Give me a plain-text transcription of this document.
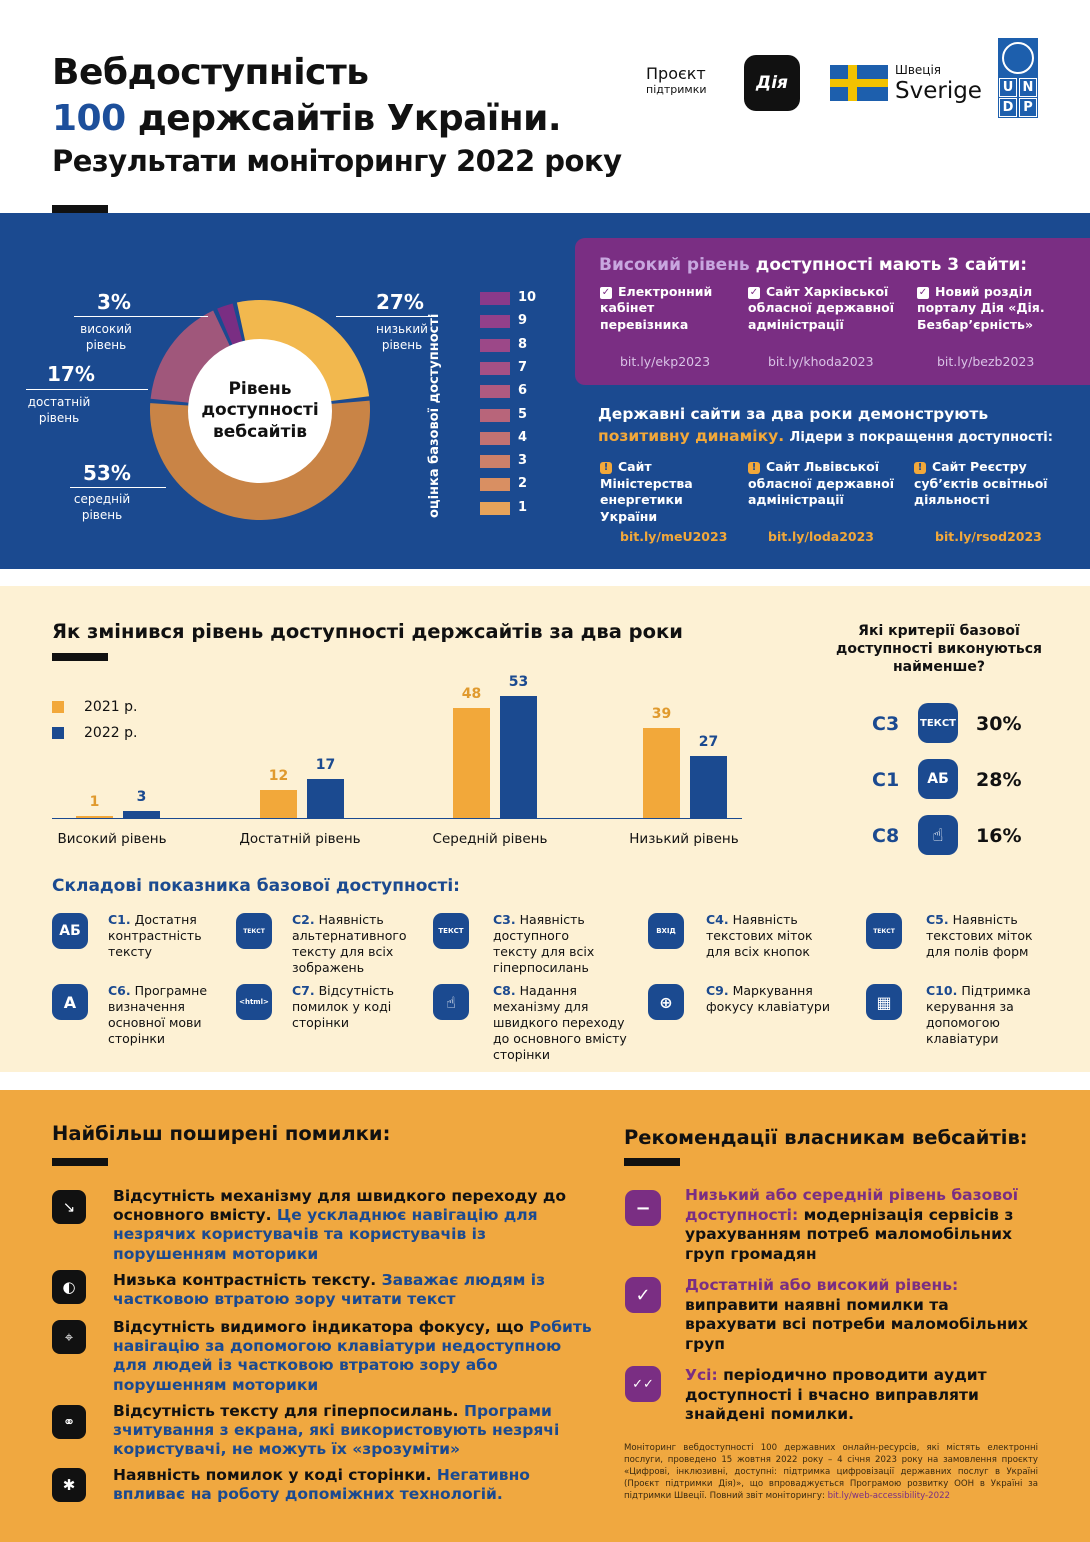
Вебдоступність
100 держсайтів України.
Результати моніторингу 2022 року
Проєкт
підтримки	Дія
Швеція
Sverige U N
D P
Рівень доступності вебсайтів
3%
високий рівень
27%
низький рівень
17%
достатній рівень
53%
середній рівень	оцінка базової доступності
10
9
8
7
6
5
4
3
2
1
Високий рівень доступності мають 3 сайти:
✓ Електронний кабінет перевізника
✓ Сайт Харківської обласної державної адміністрації
✓ Новий розділ порталу Дія «Дія. Безбар’єрність»
bit.ly/ekp2023	bit.ly/khoda2023	bit.ly/bezb2023
Державні сайти за два роки демонструють
позитивну динаміку. Лідери з покращення доступності:
! Сайт Міністерства енергетики України
! Сайт Львівської обласної державної адміністрації
! Сайт Реєстру суб’єктів освітньої діяльності
bit.ly/meU2023	bit.ly/loda2023	bit.ly/rsod2023
Як змінився рівень доступності держсайтів за два роки
2021 р.
2022 р.
1	3
Високий рівень
12
17
Достатній рівень
48
53
Середній рівень
39
27
Низький рівень
Які критерії базової доступності виконуються найменше?
C3 ТЕКСТ 30%
C1	АБ	28%
C8	☝	16%
Складові показника базової доступності:
АБ
C1. Достатня контрастність тексту
ТЕКСТ
C2. Наявність альтернативного тексту для всіх зображень
ТЕКСТ
C3. Наявність доступного тексту для всіх гіперпосилань
ВХІД
C4. Наявність текстових міток для всіх кнопок
ТЕКСТ
C5. Наявність текстових міток для полів форм
A
C6. Програмне визначення основної мови сторінки
<html>
C7. Відсутність помилок у коді сторінки
☝
C8. Надання механізму для швидкого переходу до основного вмісту сторінки
⊕
C9. Маркування фокусу клавіатури	▦
C10. Підтримка керування за допомогою клавіатури
Найбільш поширені помилки:	Рекомендації власникам вебсайтів:
↘
Відсутність механізму для швидкого переходу до основного вмісту. Це ускладнює навігацію для незрячих користувачів та користувачів із порушенням моторики
◐	Низька контрастність тексту. Заважає людям із частковою втратою зору читати текст
⌖
Відсутність видимого індикатора фокусу, що Робить навігацію за допомогою клавіатури недоступною для людей із частковою втратою зору або порушенням моторики
⚭
Відсутність тексту для гіперпосилань. Програми зчитування з екрана, які використовують незрячі користувачі, не можуть їх «зрозуміти»
✱
Наявність помилок у коді сторінки. Негативно впливає на роботу допоміжних технологій.
−
Низький або середній рівень базової доступності: модернізація сервісів з урахуванням потреб маломобільних груп громадян
✓	Достатній або високий рівень: виправити наявні помилки та врахувати всі потреби маломобільних груп
✓✓	Усі: періодично проводити аудит доступності і вчасно виправляти знайдені помилки.
Моніторинг вебдоступності 100 державних онлайн-ресурсів, які містять електронні послуги, проведено 15 жовтня 2022 року – 4 січня 2023 року на замовлення проєкту «Цифрові, інклюзивні, доступні: підтримка цифровізації державних послуг в Україні (Проєкт підтримки Дія)», що впроваджується Програмою розвитку ООН в Україні за підтримки Швеції. Повний звіт моніторингу: bit.ly/web-accessibility-2022
